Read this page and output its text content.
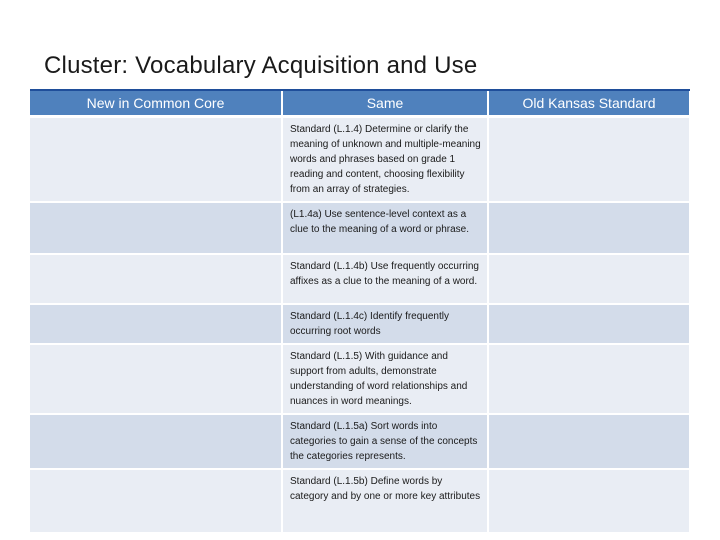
Cluster: Vocabulary Acquisition and Use
New in Common Core	Same	Old Kansas Standard
	Standard (L.1.4) Determine or clarify the meaning of unknown and multiple-meaning words and phrases based on grade 1 reading and content, choosing flexibility from an array of strategies.	
	(L1.4a) Use sentence-level context as a clue to the meaning of a word or phrase.	
	Standard (L.1.4b) Use frequently occurring affixes as a clue to the meaning of a word.	
	Standard (L.1.4c) Identify frequently occurring root words	
	Standard (L.1.5) With guidance and support from adults, demonstrate understanding of word relationships and nuances in word meanings.	
	Standard (L.1.5a) Sort words into categories to gain a sense of the concepts the categories represents.	
	Standard (L.1.5b) Define words by category and by one or more key attributes	
